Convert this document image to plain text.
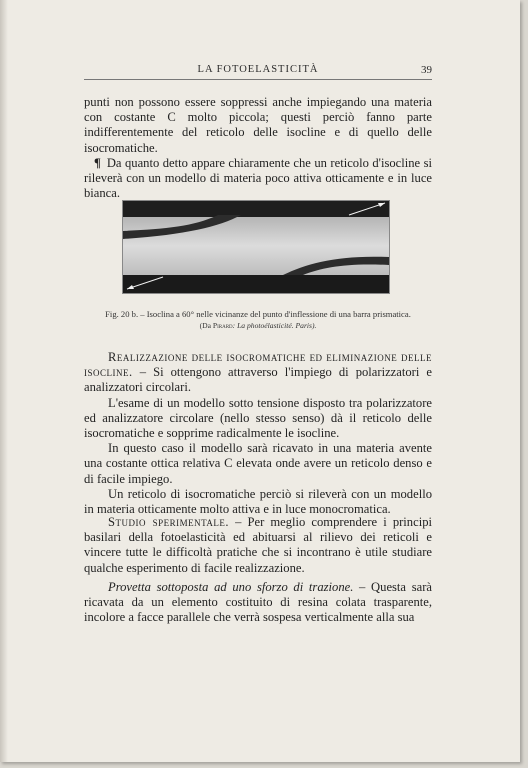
LA FOTOELASTICITÀ	39

punti non possono essere soppressi anche impiegando una materia con costante C molto piccola; questi perciò fanno parte indifferentemente del reticolo delle isocline e di quello delle isocromatiche.

¶ Da quanto detto appare chiaramente che un reticolo d'isocline si rileverà con un modello di materia poco attiva otticamente e in luce bianca.

Fig. 20 b. – Isoclina a 60° nelle vicinanze del punto d'inflessione di una barra prismatica.
(Da Pirard: La photoélasticité. Paris).

Realizzazione delle isocromatiche ed eliminazione delle isocline. – Si ottengono attraverso l'impiego di polarizzatori e analizzatori circolari.

L'esame di un modello sotto tensione disposto tra polarizzatore ed analizzatore circolare (nello stesso senso) dà il reticolo delle isocromatiche e sopprime radicalmente le isocline.

In questo caso il modello sarà ricavato in una materia avente una costante ottica relativa C elevata onde avere un reticolo denso e di facile impiego.

Un reticolo di isocromatiche perciò si rileverà con un modello in materia otticamente molto attiva e in luce monocromatica.

Studio sperimentale. – Per meglio comprendere i principi basilari della fotoelasticità ed abituarsi al rilievo dei reticoli e vincere tutte le difficoltà pratiche che si incontrano è utile studiare qualche esperimento di facile realizzazione.

Provetta sottoposta ad uno sforzo di trazione. – Questa sarà ricavata da un elemento costituito di resina colata trasparente, incolore a facce parallele che verrà sospesa verticalmente alla sua
